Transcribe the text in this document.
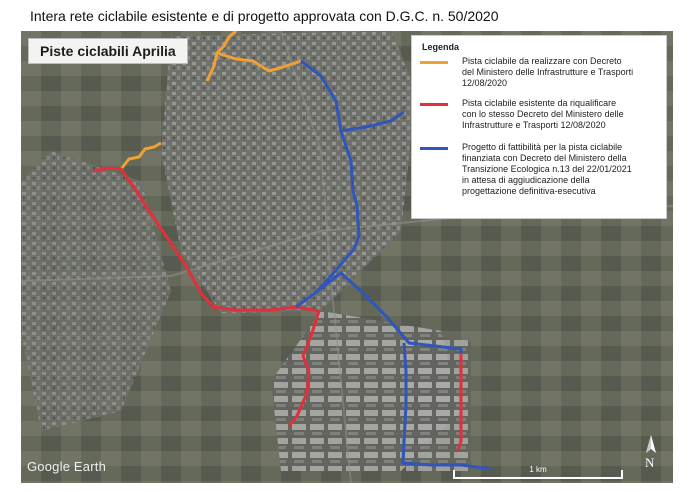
Intera rete ciclabile esistente e di progetto approvata con D.G.C. n. 50/2020
Piste ciclabili Aprilia	Legenda
Pista ciclabile da realizzare con Decreto
del Ministero delle Infrastrutture e Trasporti
12/08/2020
Pista ciclabile esistente da riqualificare
con lo stesso Decreto del Ministero delle
Infrastrutture e Trasporti 12/08/2020
Progetto di fattibilità per la pista ciclabile
finanziata con Decreto del Ministero della
Transizione Ecologica n.13 del 22/01/2021
in attesa di aggiudicazione della
progettazione definitiva-esecutiva
Google Earth	1 km	N
